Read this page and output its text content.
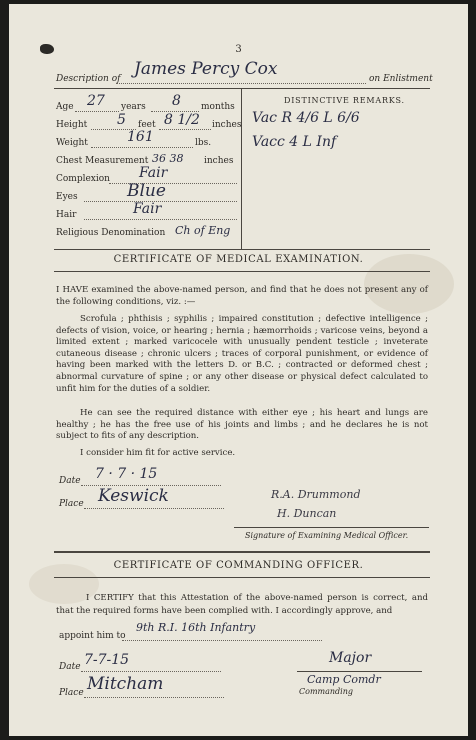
3
Description of James Percy Cox	on Enlistment
Age 27 years 8 months
Height 5 feet 8 1/2 inches
Weight	161	lbs.
Chest Measurement 36 38 inches
Complexion Fair
Eyes	Blue
Hair	Fair
Religious Denomination Ch of Eng
DISTINCTIVE REMARKS.
Vac R 4/6 L 6/6
Vacc 4 L Inf
CERTIFICATE OF MEDICAL EXAMINATION.
I HAVE examined the above-named person, and find that he does not present any of the following conditions, viz. :—
Scrofula ; phthisis ; syphilis ; impaired constitution ; defective intelligence ; defects of vision, voice, or hearing ; hernia ; hæmorrhoids ; varicose veins, beyond a limited extent ; marked varicocele with unusually pendent testicle ; inveterate cutaneous disease ; chronic ulcers ; traces of corporal punishment, or evidence of having been marked with the letters D. or B.C. ; contracted or deformed chest ; abnormal curvature of spine ; or any other disease or physical defect calculated to unfit him for the duties of a soldier.
He can see the required distance with either eye ; his heart and lungs are healthy ; he has the free use of his joints and limbs ; and he declares he is not subject to fits of any description.
I consider him fit for active service.
Date 7 · 7 · 15
Place Keswick	R.A. Drummond
H. Duncan
Signature of Examining Medical Officer.
CERTIFICATE OF COMMANDING OFFICER.
I CERTIFY that this Attestation of the above-named person is correct, and that the required forms have been complied with. I accordingly approve, and
appoint him to
9th R.I. 16th Infantry
Date 7-7-15
Place Mitcham
Major
Camp Comdr
Commanding
